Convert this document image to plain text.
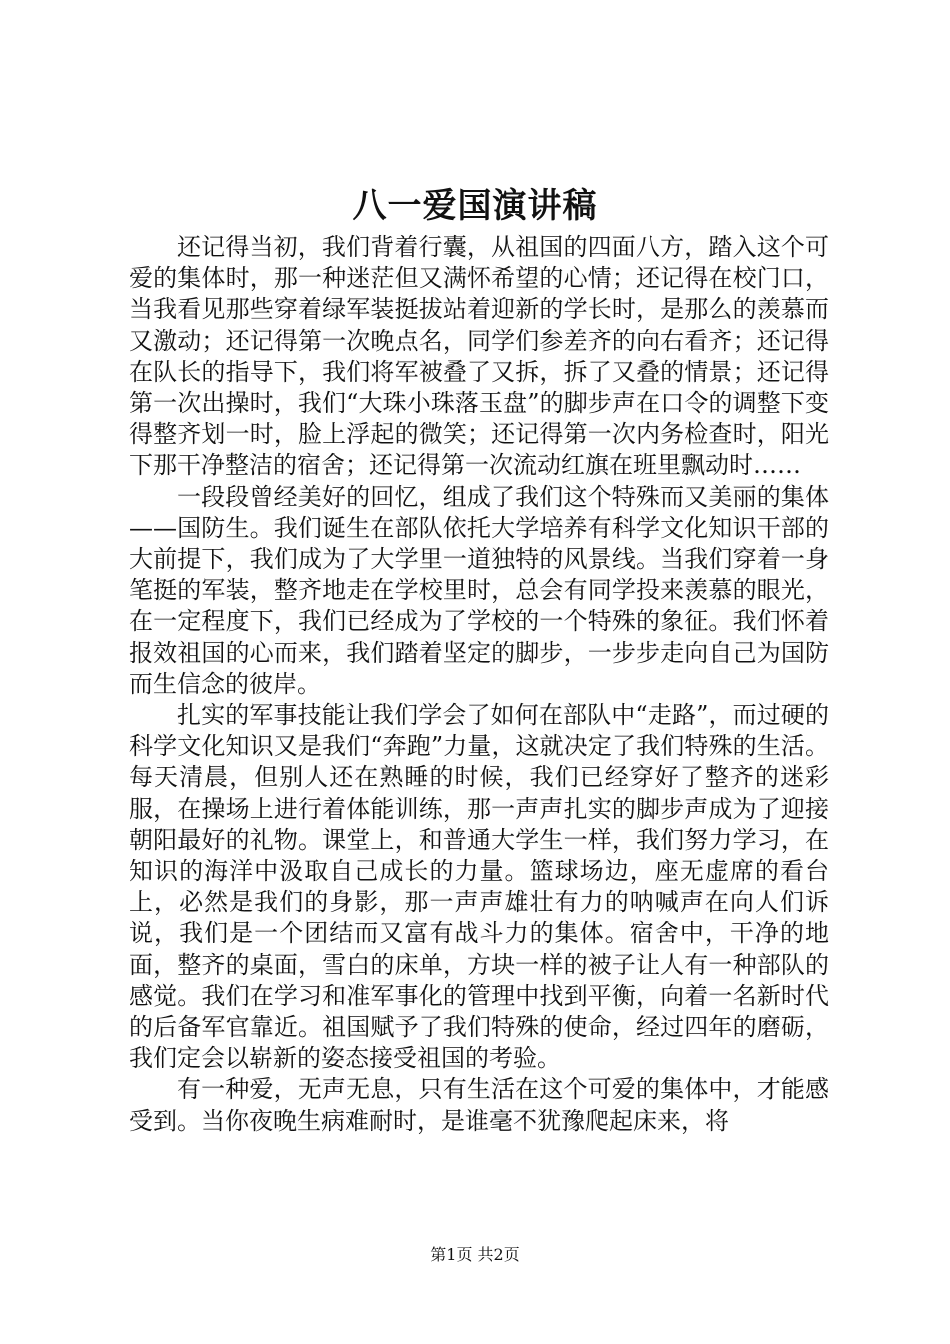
八一爱国演讲稿

还记得当初，我们背着行囊，从祖国的四面八方，踏入这个可爱的集体时，那一种迷茫但又满怀希望的心情；还记得在校门口，当我看见那些穿着绿军装挺拔站着迎新的学长时，是那么的羡慕而又激动；还记得第一次晚点名，同学们参差齐的向右看齐；还记得在队长的指导下，我们将军被叠了又拆，拆了又叠的情景；还记得第一次出操时，我们“大珠小珠落玉盘”的脚步声在口令的调整下变得整齐划一时，脸上浮起的微笑；还记得第一次内务检查时，阳光下那干净整洁的宿舍；还记得第一次流动红旗在班里飘动时……

一段段曾经美好的回忆，组成了我们这个特殊而又美丽的集体——国防生。我们诞生在部队依托大学培养有科学文化知识干部的大前提下，我们成为了大学里一道独特的风景线。当我们穿着一身笔挺的军装，整齐地走在学校里时，总会有同学投来羡慕的眼光，在一定程度下，我们已经成为了学校的一个特殊的象征。我们怀着报效祖国的心而来，我们踏着坚定的脚步，一步步走向自己为国防而生信念的彼岸。

扎实的军事技能让我们学会了如何在部队中“走路”，而过硬的科学文化知识又是我们“奔跑”力量，这就决定了我们特殊的生活。每天清晨，但别人还在熟睡的时候，我们已经穿好了整齐的迷彩服，在操场上进行着体能训练，那一声声扎实的脚步声成为了迎接朝阳最好的礼物。课堂上，和普通大学生一样，我们努力学习，在知识的海洋中汲取自己成长的力量。篮球场边，座无虚席的看台上，必然是我们的身影，那一声声雄壮有力的呐喊声在向人们诉说，我们是一个团结而又富有战斗力的集体。宿舍中，干净的地面，整齐的桌面，雪白的床单，方块一样的被子让人有一种部队的感觉。我们在学习和准军事化的管理中找到平衡，向着一名新时代的后备军官靠近。祖国赋予了我们特殊的使命，经过四年的磨砺，我们定会以崭新的姿态接受祖国的考验。

有一种爱，无声无息，只有生活在这个可爱的集体中，才能感受到。当你夜晚生病难耐时，是谁毫不犹豫爬起床来，将

第1页 共2页
